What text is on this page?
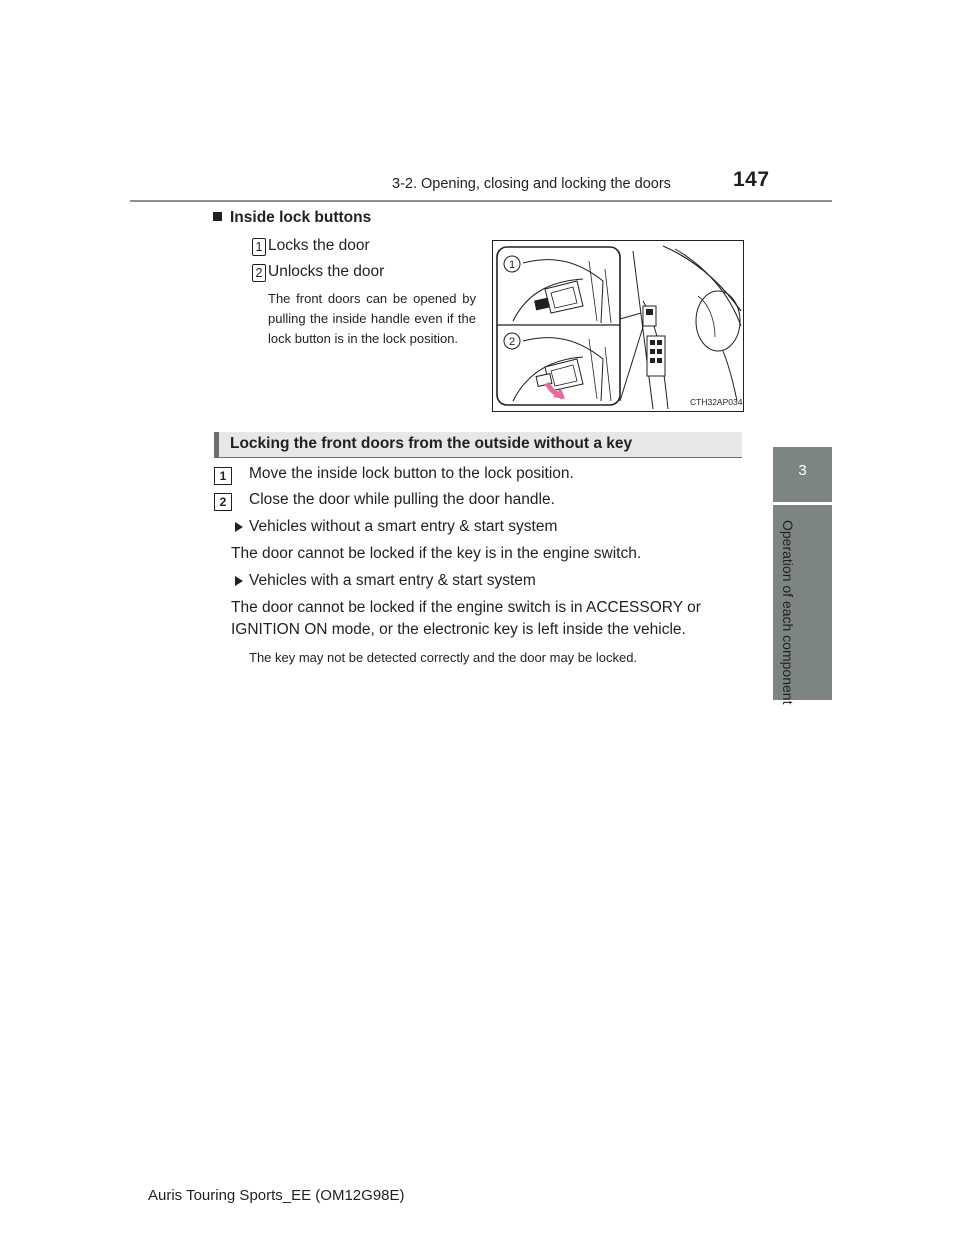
3-2. Opening, closing and locking the doors	147
3
Operation of each component
Inside lock buttons
1 Locks the door
2 Unlocks the door
The front doors can be opened by pulling the inside handle even if the lock button is in the lock position.
1
2
CTH32AP034
Locking the front doors from the outside without a key
1	Move the inside lock button to the lock position.
2	Close the door while pulling the door handle.
Vehicles without a smart entry & start system
The door cannot be locked if the key is in the engine switch.
Vehicles with a smart entry & start system
The door cannot be locked if the engine switch is in ACCESSORY or
IGNITION ON mode, or the electronic key is left inside the vehicle.
The key may not be detected correctly and the door may be locked.
Auris Touring Sports_EE (OM12G98E)
